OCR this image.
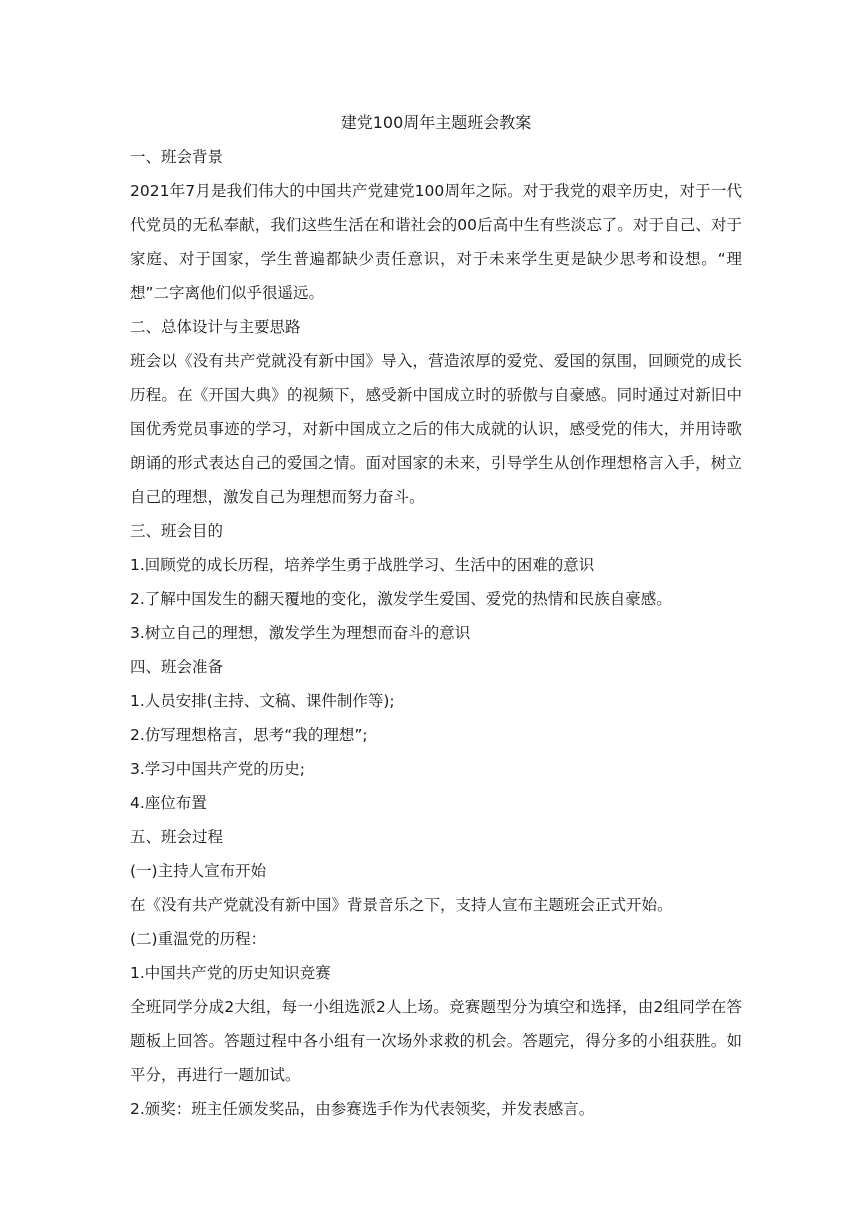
建党100周年主题班会教案

一、班会背景

2021年7月是我们伟大的中国共产党建党100周年之际。对于我党的艰辛历史，对于一代代党员的无私奉献，我们这些生活在和谐社会的00后高中生有些淡忘了。对于自己、对于家庭、对于国家，学生普遍都缺少责任意识，对于未来学生更是缺少思考和设想。“理想”二字离他们似乎很遥远。

二、总体设计与主要思路

班会以《没有共产党就没有新中国》导入，营造浓厚的爱党、爱国的氛围，回顾党的成长历程。在《开国大典》的视频下，感受新中国成立时的骄傲与自豪感。同时通过对新旧中国优秀党员事迹的学习，对新中国成立之后的伟大成就的认识，感受党的伟大，并用诗歌朗诵的形式表达自己的爱国之情。面对国家的未来，引导学生从创作理想格言入手，树立自己的理想，激发自己为理想而努力奋斗。

三、班会目的

1.回顾党的成长历程，培养学生勇于战胜学习、生活中的困难的意识

2.了解中国发生的翻天覆地的变化，激发学生爱国、爱党的热情和民族自豪感。

3.树立自己的理想，激发学生为理想而奋斗的意识

四、班会准备

1.人员安排(主持、文稿、课件制作等);

2.仿写理想格言，思考“我的理想”;

3.学习中国共产党的历史;

4.座位布置

五、班会过程

(一)主持人宣布开始

在《没有共产党就没有新中国》背景音乐之下，支持人宣布主题班会正式开始。

(二)重温党的历程：

1.中国共产党的历史知识竞赛

全班同学分成2大组，每一小组选派2人上场。竞赛题型分为填空和选择，由2组同学在答题板上回答。答题过程中各小组有一次场外求救的机会。答题完，得分多的小组获胜。如平分，再进行一题加试。

2.颁奖：班主任颁发奖品，由参赛选手作为代表领奖，并发表感言。
